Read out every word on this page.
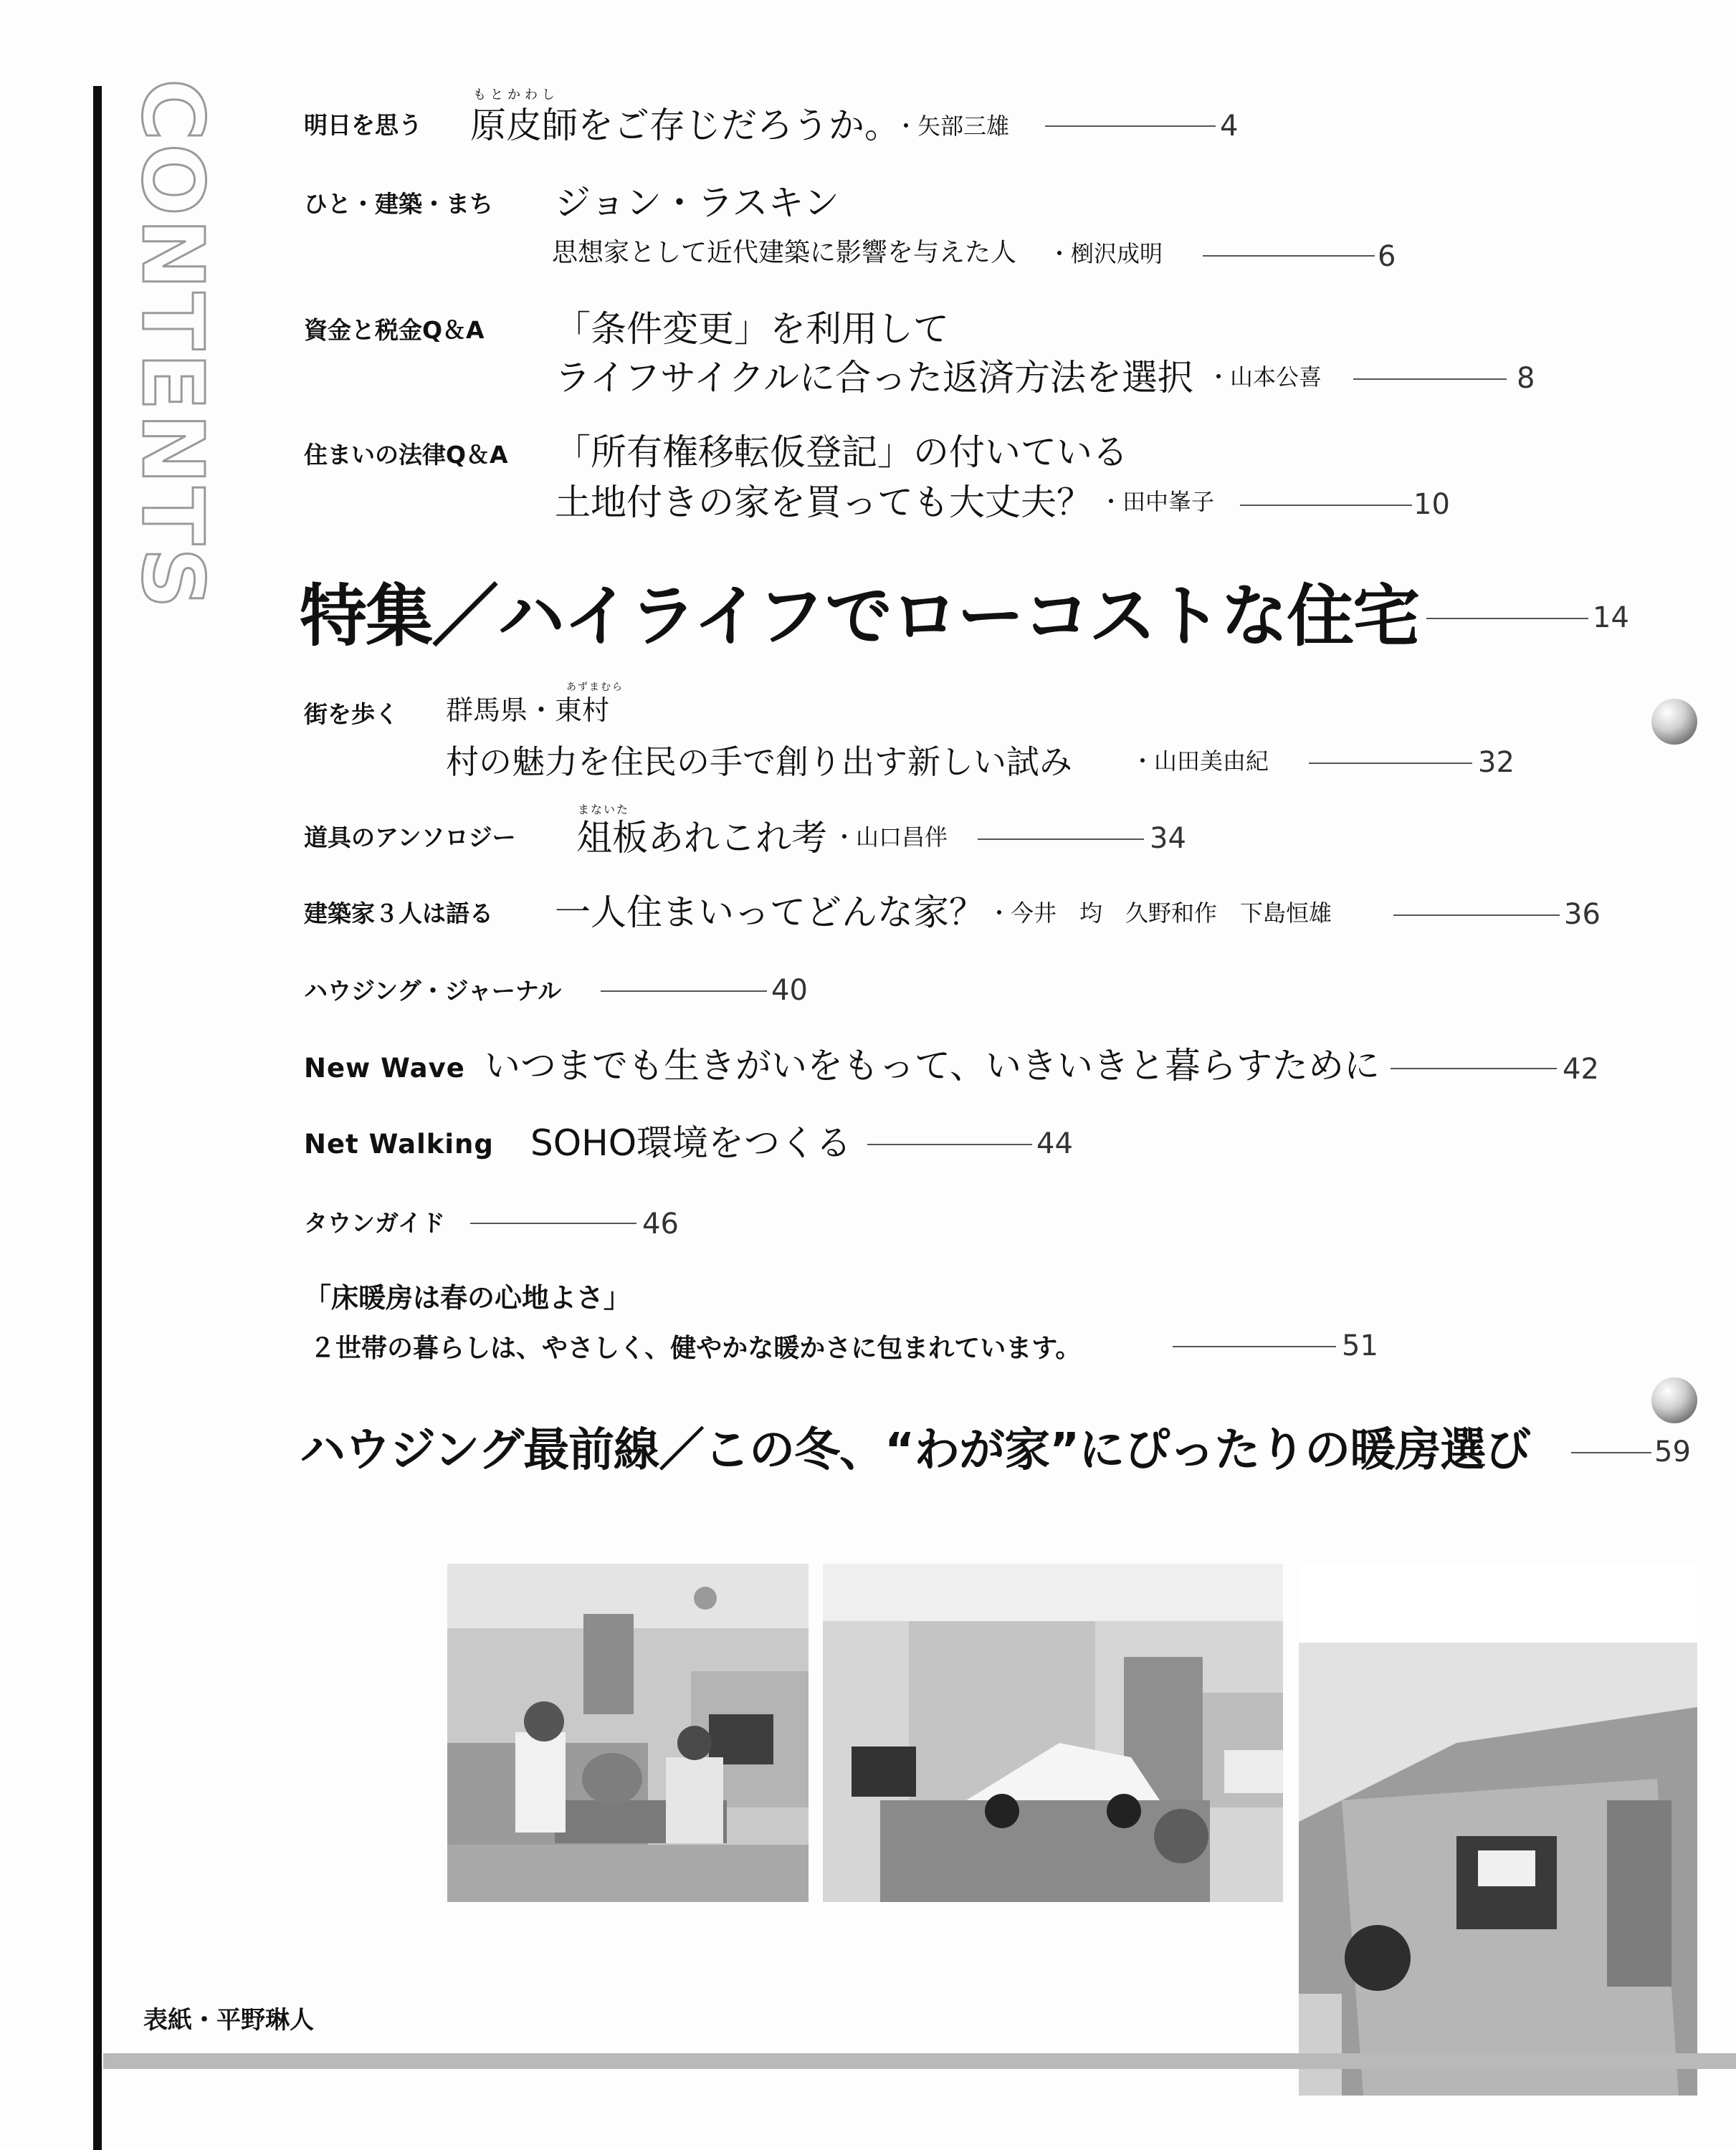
CONTENTS	明日を思う
もとかわし
原皮師をご存じだろうか。
・矢部三雄	4
ひと・建築・まち ジョン・ラスキン
思想家として近代建築に影響を与えた人 ・椡沢成明	6
資金と税金Q＆A 「条件変更」を利用して
ライフサイクルに合った返済方法を選択 ・山本公喜	8
住まいの法律Q＆A 「所有権移転仮登記」の付いている
土地付きの家を買っても大丈夫？ ・田中峯子	10
特集／ハイライフでローコストな住宅	14
街を歩く 群馬県・東村
あずまむら
村の魅力を住民の手で創り出す新しい試み	・山田美由紀	32
道具のアンソロジー
まないた
俎板あれこれ考 ・山口昌伴	34
建築家３人は語る 一人住まいってどんな家？ ・今井　均　久野和作　下島恒雄	36
ハウジング・ジャーナル	40
New Wave いつまでも生きがいをもって、いきいきと暮らすために	42
Net Walking SOHO環境をつくる	44
タウンガイド	46
「床暖房は春の心地よさ」
２世帯の暮らしは、やさしく、健やかな暖かさに包まれています。	51
ハウジング最前線／この冬、“わが家”にぴったりの暖房選び	59
表紙・平野琳人
